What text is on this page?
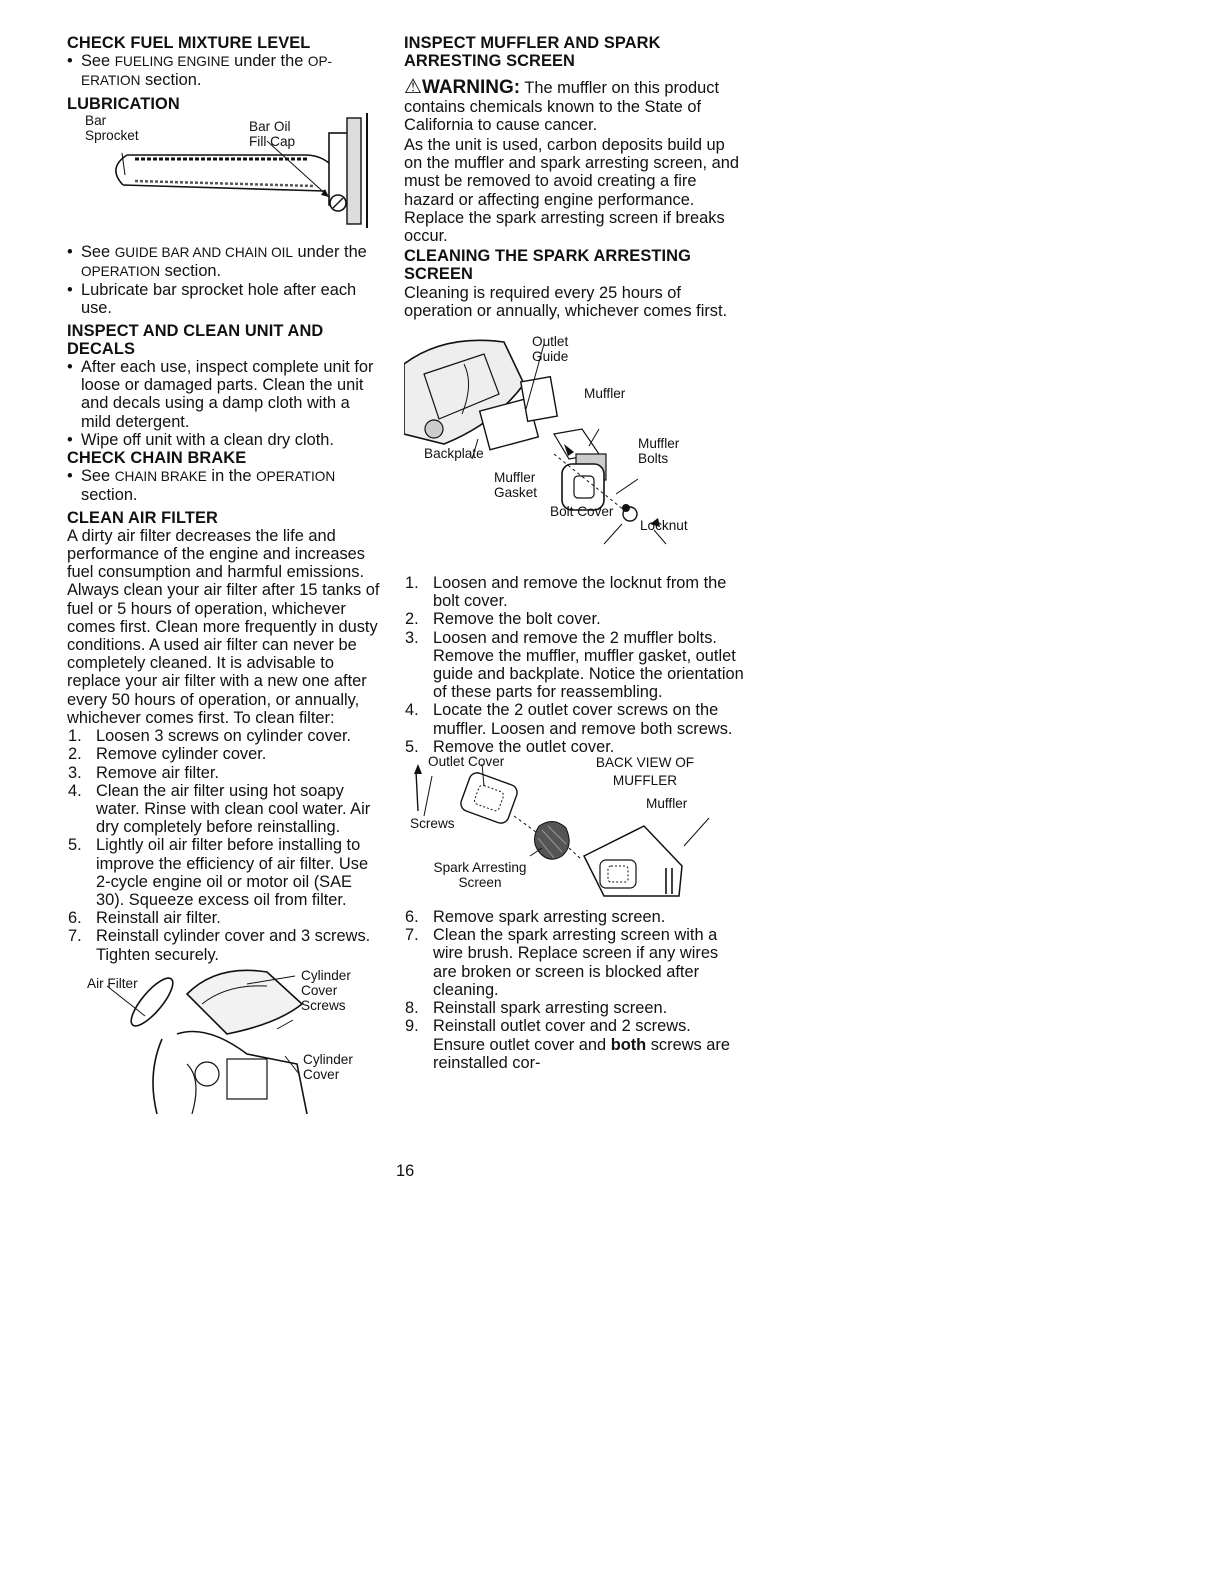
CHECK FUEL MIXTURE LEVEL

• See FUELING ENGINE under the OP-ERATION section.

LUBRICATION
Bar Sprocket
Bar Oil Fill Cap

• See GUIDE BAR AND CHAIN OIL under the OPERATION section.

• Lubricate bar sprocket hole after each use.

INSPECT AND CLEAN UNIT AND DECALS

• After each use, inspect complete unit for loose or damaged parts. Clean the unit and decals using a damp cloth with a mild detergent.

• Wipe off unit with a clean dry cloth.

CHECK CHAIN BRAKE

• See CHAIN BRAKE in the OPERATION section.

CLEAN AIR FILTER

A dirty air filter decreases the life and performance of the engine and increases fuel consumption and harmful emissions. Always clean your air filter after 15 tanks of fuel or 5 hours of operation, whichever comes first. Clean more frequently in dusty conditions. A used air filter can never be completely cleaned. It is advisable to replace your air filter with a new one after every 50 hours of operation, or annually, whichever comes first. To clean filter:

1. Loosen 3 screws on cylinder cover.

2. Remove cylinder cover.

3. Remove air filter.

4. Clean the air filter using hot soapy water. Rinse with clean cool water. Air dry completely before reinstalling.

5. Lightly oil air filter before installing to improve the efficiency of air filter. Use 2-cycle engine oil or motor oil (SAE 30). Squeeze excess oil from filter.

6. Reinstall air filter.

7. Reinstall cylinder cover and 3 screws. Tighten securely.

Air Filter
Cylinder Cover Screws
Cylinder Cover
INSPECT MUFFLER AND SPARK ARRESTING SCREEN

⚠WARNING: The muffler on this product contains chemicals known to the State of California to cause cancer.

As the unit is used, carbon deposits build up on the muffler and spark arresting screen, and must be removed to avoid creating a fire hazard or affecting engine performance.

Replace the spark arresting screen if breaks occur.

CLEANING THE SPARK ARRESTING SCREEN

Cleaning is required every 25 hours of operation or annually, whichever comes first.

Outlet Guide
Muffler
Muffler Bolts
Backplate
Muffler Gasket
Bolt Cover
Locknut

1. Loosen and remove the locknut from the bolt cover.

2. Remove the bolt cover.

3. Loosen and remove the 2 muffler bolts. Remove the muffler, muffler gasket, outlet guide and backplate. Notice the orientation of these parts for reassembling.

4. Locate the 2 outlet cover screws on the muffler. Loosen and remove both screws.

5. Remove the outlet cover.

Outlet Cover	BACK VIEW OF MUFFLER
Muffler
Screws
Spark Arresting Screen

6. Remove spark arresting screen.

7. Clean the spark arresting screen with a wire brush. Replace screen if any wires are broken or screen is blocked after cleaning.

8. Reinstall spark arresting screen.

9. Reinstall outlet cover and 2 screws. Ensure outlet cover and both screws are reinstalled cor-

16
